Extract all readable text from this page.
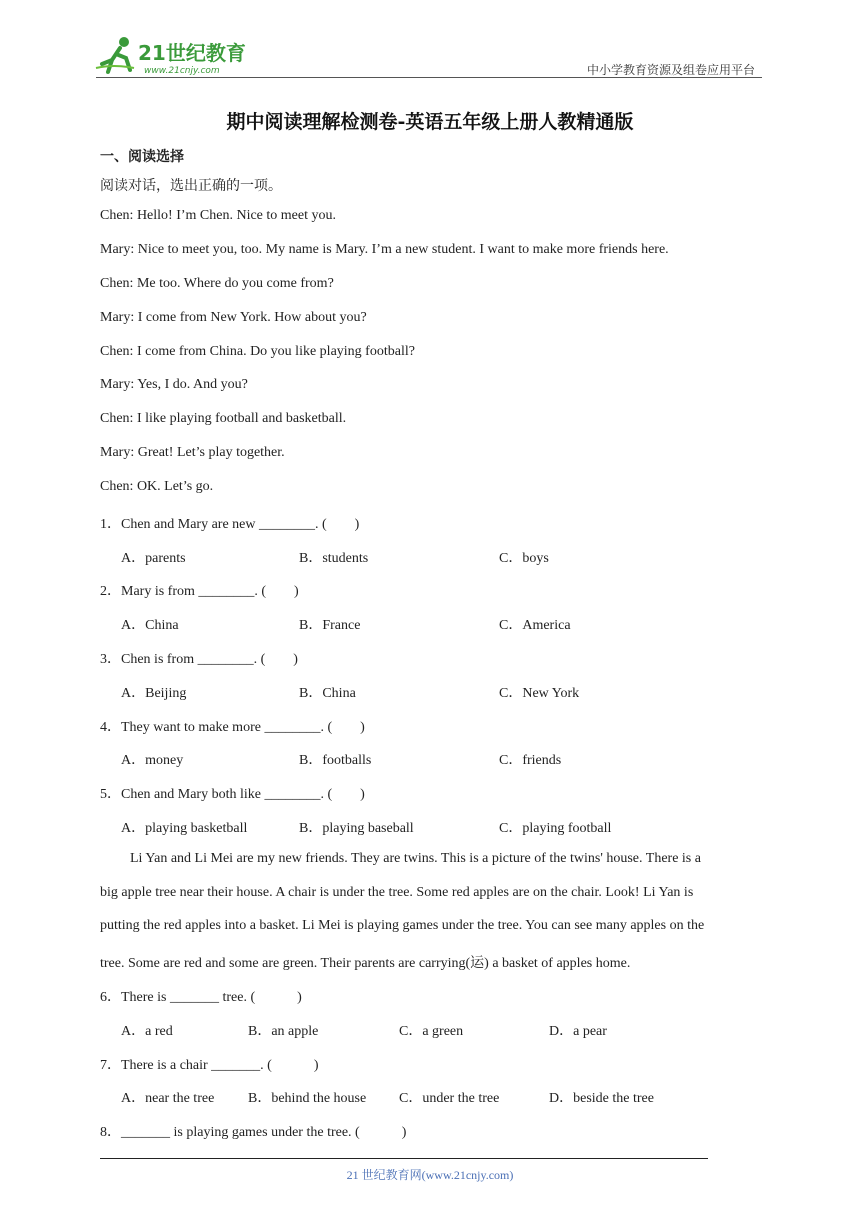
21世纪教育
www.21cnjy.com	中小学教育资源及组卷应用平台
期中阅读理解检测卷-英语五年级上册人教精通版
一、阅读选择
阅读对话，选出正确的一项。
Chen: Hello! I’m Chen. Nice to meet you.
Mary: Nice to meet you, too. My name is Mary. I’m a new student. I want to make more friends here.
Chen: Me too. Where do you come from?
Mary: I come from New York. How about you?
Chen: I come from China. Do you like playing football?
Mary: Yes, I do. And you?
Chen: I like playing football and basketball.
Mary: Great! Let’s play together.
Chen: OK. Let’s go.
1．Chen and Mary are new ________. (　　)
A．parents	B．students	C．boys
2．Mary is from ________. (　　)
A．China	B．France	C．America
3．Chen is from ________. (　　)
A．Beijing	B．China	C．New York
4．They want to make more ________. (　　)
A．money	B．footballs	C．friends
5．Chen and Mary both like ________. (　　)
A．playing basketball	B．playing baseball	C．playing football
Li Yan and Li Mei are my new friends. They are twins. This is a picture of the twins' house. There is a
big apple tree near their house. A chair is under the tree. Some red apples are on the chair. Look! Li Yan is
putting the red apples into a basket. Li Mei is playing games under the tree. You can see many apples on the
tree. Some are red and some are green. Their parents are carrying(运) a basket of apples home.
6．There is _______ tree. (　　　)
A．a red	B．an apple	C．a green	D．a pear
7．There is a chair _______. (　　　)
A．near the tree B．behind the house C．under the tree	D．beside the tree
8．_______ is playing games under the tree. (　　　)
21 世纪教育网(www.21cnjy.com)
